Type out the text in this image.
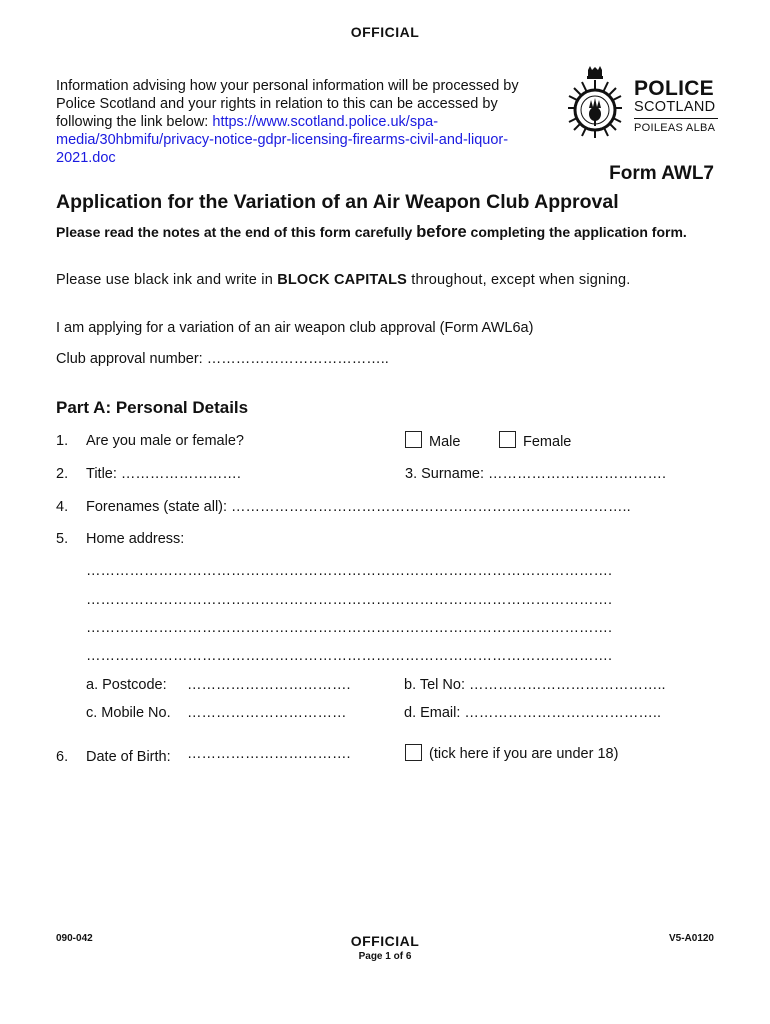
OFFICIAL
Information advising how your personal information will be processed by Police Scotland and your rights in relation to this can be accessed by following the link below: https://www.scotland.police.uk/spa-media/30hbmifu/privacy-notice-gdpr-licensing-firearms-civil-and-liquor-2021.doc
POLICE
SCOTLAND
POILEAS ALBA
Form AWL7
Application for the Variation of an Air Weapon Club Approval
Please read the notes at the end of this form carefully before completing the application form.
Please use black ink and write in BLOCK CAPITALS throughout, except when signing.
I am applying for a variation of an air weapon club approval (Form AWL6a)
Club approval number: ………………………………..
Part A: Personal Details
1. Are you male or female?	Male	Female
2. Title: …………………….	3. Surname: ……………………………….
4. Forenames (state all): ………………………………………………………………………..
5. Home address:
……………………………………………………………………………………………….
……………………………………………………………………………………………….
……………………………………………………………………………………………….
……………………………………………………………………………………………….
a. Postcode: …………………………….	b. Tel No: …………………………………..
c. Mobile No. ……………………………	d. Email: …………………………………..
6. Date of Birth: …………………………….	(tick here if you are under 18)
090-042	OFFICIAL
Page 1 of 6
V5-A0120
